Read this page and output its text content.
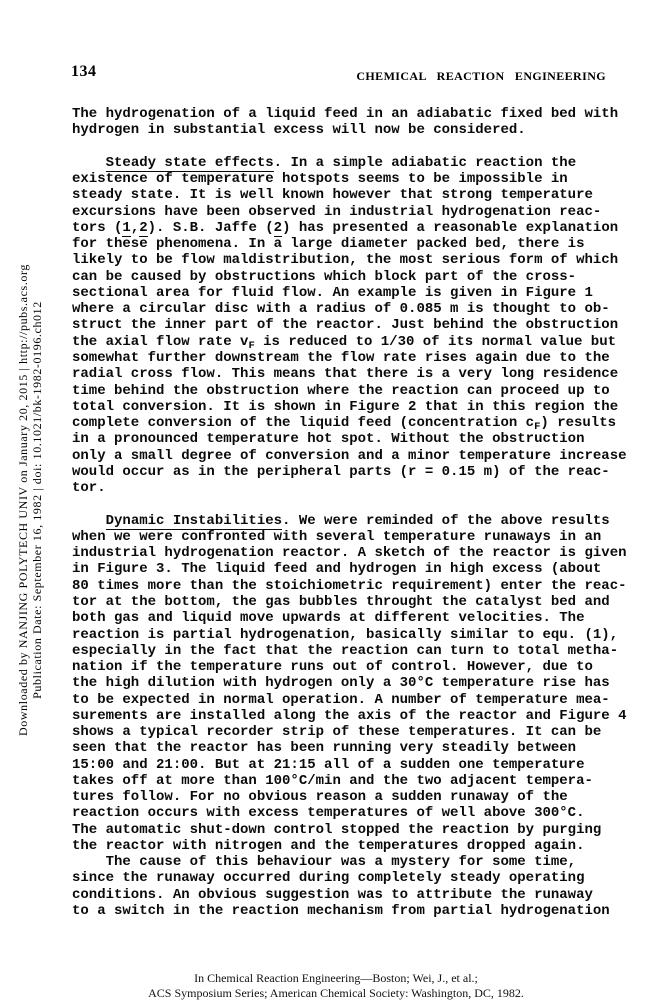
134	CHEMICAL REACTION ENGINEERING
The hydrogenation of a liquid feed in an adiabatic fixed bed with
hydrogen in substantial excess will now be considered.

Steady state effects. In a simple adiabatic reaction the
existence of temperature hotspots seems to be impossible in
steady state. It is well known however that strong temperature
excursions have been observed in industrial hydrogenation reac-
tors (1,2). S.B. Jaffe (2) has presented a reasonable explanation
for these phenomena. In a large diameter packed bed, there is
likely to be flow maldistribution, the most serious form of which
can be caused by obstructions which block part of the cross-
sectional area for fluid flow. An example is given in Figure 1
where a circular disc with a radius of 0.085 m is thought to ob-
struct the inner part of the reactor. Just behind the obstruction
the axial flow rate $v_F$ is reduced to 1/30 of its normal value but
somewhat further downstream the flow rate rises again due to the
radial cross flow. This means that there is a very long residence
time behind the obstruction where the reaction can proceed up to
total conversion. It is shown in Figure 2 that in this region the
complete conversion of the liquid feed (concentration $c_F$) results
in a pronounced temperature hot spot. Without the obstruction
only a small degree of conversion and a minor temperature increase
would occur as in the peripheral parts (r = 0.15 m) of the reac-
tor.

Dynamic Instabilities. We were reminded of the above results
when we were confronted with several temperature runaways in an
industrial hydrogenation reactor. A sketch of the reactor is given
in Figure 3. The liquid feed and hydrogen in high excess (about
80 times more than the stoichiometric requirement) enter the reac-
tor at the bottom, the gas bubbles throught the catalyst bed and
both gas and liquid move upwards at different velocities. The
reaction is partial hydrogenation, basically similar to equ. (1),
especially in the fact that the reaction can turn to total metha-
nation if the temperature runs out of control. However, due to
the high dilution with hydrogen only a 30°C temperature rise has
to be expected in normal operation. A number of temperature mea-
surements are installed along the axis of the reactor and Figure 4
shows a typical recorder strip of these temperatures. It can be
seen that the reactor has been running very steadily between
15:00 and 21:00. But at 21:15 all of a sudden one temperature
takes off at more than 100°C/min and the two adjacent tempera-
tures follow. For no obvious reason a sudden runaway of the
reaction occurs with excess temperatures of well above 300°C.
The automatic shut-down control stopped the reaction by purging
the reactor with nitrogen and the temperatures dropped again.
The cause of this behaviour was a mystery for some time,
since the runaway occurred during completely steady operating
conditions. An obvious suggestion was to attribute the runaway
to a switch in the reaction mechanism from partial hydrogenation
Downloaded by NANJING POLYTECH UNIV on January 20, 2015 | http://pubs.acs.org Publication Date: September 16, 1982 | doi: 10.1021/bk-1982-0196.ch012
In Chemical Reaction Engineering—Boston; Wei, J., et al.;
ACS Symposium Series; American Chemical Society: Washington, DC, 1982.
